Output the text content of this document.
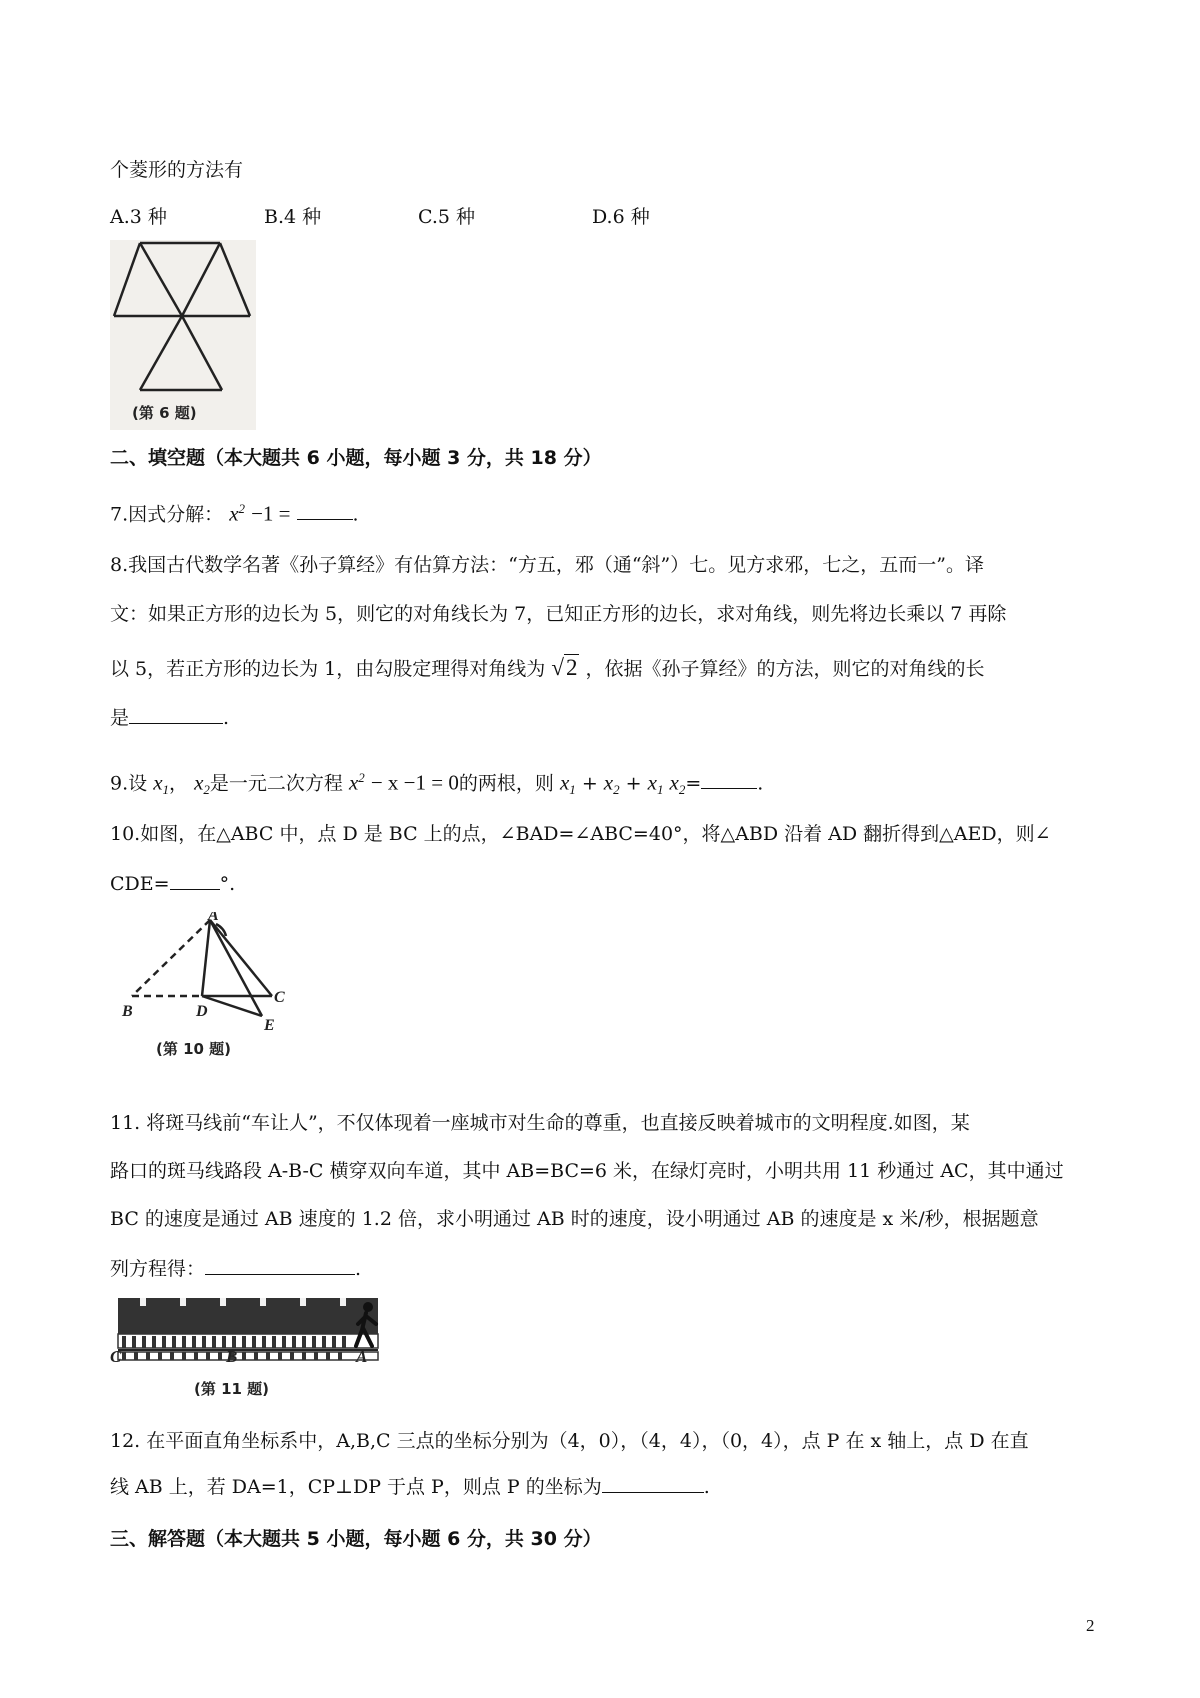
个菱形的方法有
A.3 种	B.4 种	C.5 种	D.6 种
(第 6 题)
二、填空题（本大题共 6 小题，每小题 3 分，共 18 分）
7.因式分解： $x^2 -1$ =	.
8.我国古代数学名著《孙子算经》有估算方法：“方五，邪（通“斜”）七。见方求邪，七之，五而一”。译
文：如果正方形的边长为 5，则它的对角线长为 7，已知正方形的边长，求对角线，则先将边长乘以 7 再除
以 5，若正方形的边长为 1，由勾股定理得对角线为 √2 ，依据《孙子算经》的方法，则它的对角线的长
是	.
9.设 $x_1$， $x_2$是一元二次方程 $x^2 - x -1 = 0$的两根，则 $x_1 + x_2 + x_1$ $x_2=$	.
10.如图，在△ABC 中，点 D 是 BC 上的点，∠BAD=∠ABC=40°，将△ABD 沿着 AD 翻折得到△AED，则∠
CDE=	°.
A
B	D
C
E
(第 10 题)
11. 将斑马线前“车让人”，不仅体现着一座城市对生命的尊重，也直接反映着城市的文明程度.如图，某
路口的斑马线路段 A-B-C 横穿双向车道，其中 AB=BC=6 米，在绿灯亮时，小明共用 11 秒通过 AC，其中通过
BC 的速度是通过 AB 速度的 1.2 倍，求小明通过 AB 时的速度，设小明通过 AB 的速度是 x 米/秒，根据题意
列方程得：	.
C	B	A
(第 11 题)
12. 在平面直角坐标系中，A,B,C 三点的坐标分别为（4，0），（4，4），（0，4），点 P 在 x 轴上，点 D 在直
线 AB 上，若 DA=1，CP⊥DP 于点 P，则点 P 的坐标为	.
三、解答题（本大题共 5 小题，每小题 6 分，共 30 分）
2
